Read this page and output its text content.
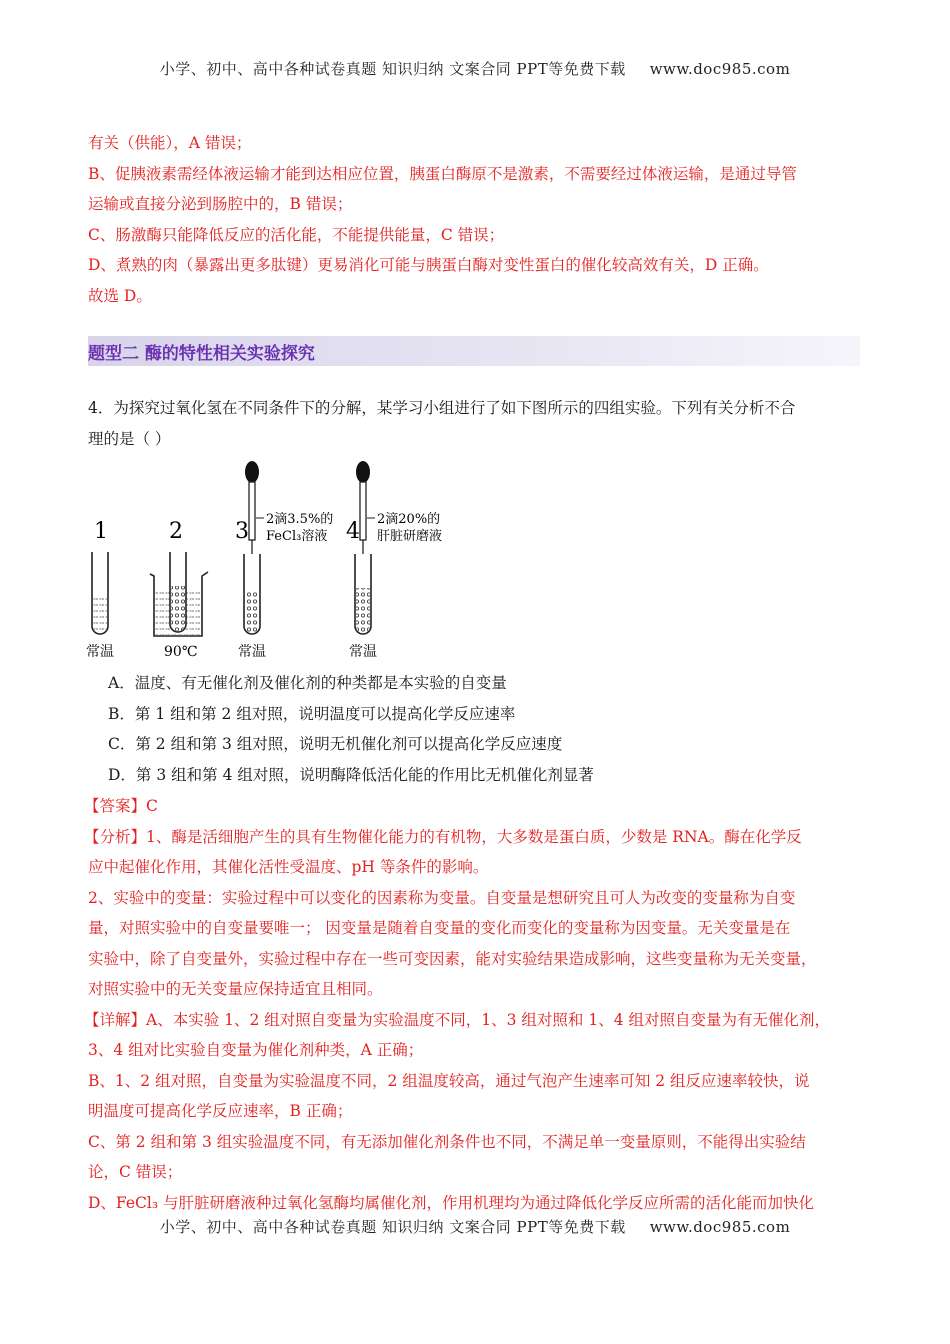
小学、初中、高中各种试卷真题 知识归纳 文案合同 PPT等免费下载 www.doc985.com
有关（供能），A 错误；
B、促胰液素需经体液运输才能到达相应位置，胰蛋白酶原不是激素，不需要经过体液运输，是通过导管
运输或直接分泌到肠腔中的，B 错误；
C、肠激酶只能降低反应的活化能，不能提供能量，C 错误；
D、煮熟的肉（暴露出更多肽键）更易消化可能与胰蛋白酶对变性蛋白的催化较高效有关，D 正确。
故选 D。
题型二 酶的特性相关实验探究
4．为探究过氧化氢在不同条件下的分解，某学习小组进行了如下图所示的四组实验。下列有关分析不合
理的是（ ）
1
常温
2
90℃
3 2滴3.5%的
FeCl₃溶液
常温
4 2滴20%的
肝脏研磨液
常温
A．温度、有无催化剂及催化剂的种类都是本实验的自变量
B．第 1 组和第 2 组对照，说明温度可以提高化学反应速率
C．第 2 组和第 3 组对照，说明无机催化剂可以提高化学反应速度
D．第 3 组和第 4 组对照，说明酶降低活化能的作用比无机催化剂显著
【答案】C
【分析】1、酶是活细胞产生的具有生物催化能力的有机物，大多数是蛋白质，少数是 RNA。酶在化学反
应中起催化作用，其催化活性受温度、pH 等条件的影响。
2、实验中的变量：实验过程中可以变化的因素称为变量。自变量是想研究且可人为改变的变量称为自变
量，对照实验中的自变量要唯一； 因变量是随着自变量的变化而变化的变量称为因变量。无关变量是在
实验中，除了自变量外，实验过程中存在一些可变因素，能对实验结果造成影响，这些变量称为无关变量，
对照实验中的无关变量应保持适宜且相同。
【详解】A、本实验 1、2 组对照自变量为实验温度不同，1、3 组对照和 1、4 组对照自变量为有无催化剂，
3、4 组对比实验自变量为催化剂种类，A 正确；
B、1、2 组对照，自变量为实验温度不同，2 组温度较高，通过气泡产生速率可知 2 组反应速率较快，说
明温度可提高化学反应速率，B 正确；
C、第 2 组和第 3 组实验温度不同，有无添加催化剂条件也不同，不满足单一变量原则，不能得出实验结
论，C 错误；
D、FeCl₃ 与肝脏研磨液种过氧化氢酶均属催化剂，作用机理均为通过降低化学反应所需的活化能而加快化
小学、初中、高中各种试卷真题 知识归纳 文案合同 PPT等免费下载 www.doc985.com
